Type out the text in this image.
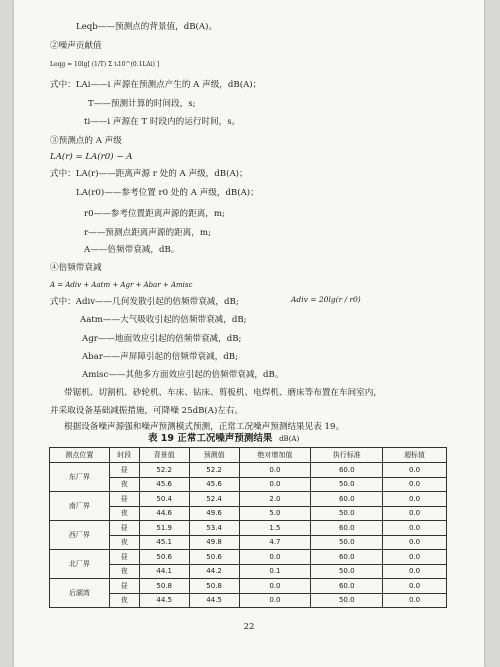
Leqb——预测点的背景值，dB(A)。
②噪声贡献值
Leqg = 10lg[ (1/T) Σ tᵢ10^(0.1LAi) ]
式中：LAi——i 声源在预测点产生的 A 声级，dB(A)；
T——预测计算的时间段，s;
ti——i 声源在 T 时段内的运行时间，s。
③预测点的 A 声级
LA(r) = LA(r0) − A
式中：LA(r)——距离声源 r 处的 A 声级，dB(A)；
LA(r0)——参考位置 r0 处的 A 声级，dB(A)；
r0——参考位置距离声源的距离，m;
r——预测点距离声源的距离，m;
A——倍频带衰减，dB。
④倍频带衰减
A = Adiv + Aatm + Agr + Abar + Amisc
式中：Adiv——几何发散引起的倍频带衰减，dB;	Adiv = 20lg(r / r0)
Aatm——大气吸收引起的倍频带衰减，dB;
Agr——地面效应引起的倍频带衰减，dB;
Abar——声屏障引起的倍频带衰减，dB;
Amisc——其他多方面效应引起的倍频带衰减，dB。
带锯机、切割机、砂轮机、车床、钻床、剪板机、电焊机、磨床等布置在车间室内，
并采取设备基础减振措施，可降噪 25dB(A)左右。
根据设备噪声源强和噪声预测模式预测，正常工况噪声预测结果见表 19。
表 19 正常工况噪声预测结果 dB(A)
测点位置	时段	背景值	预测值	绝对增加值	执行标准	超标值
东厂界	昼	52.2	52.2	0.0	60.0	0.0
	夜	45.6	45.6	0.0	50.0	0.0
南厂界	昼	50.4	52.4	2.0	60.0	0.0
	夜	44.6	49.6	5.0	50.0	0.0
西厂界	昼	51.9	53.4	1.5	60.0	0.0
	夜	45.1	49.8	4.7	50.0	0.0
北厂界	昼	50.6	50.6	0.0	60.0	0.0
	夜	44.1	44.2	0.1	50.0	0.0
后湖湾	昼	50.8	50.8	0.0	60.0	0.0
	夜	44.5	44.5	0.0	50.0	0.0
22
